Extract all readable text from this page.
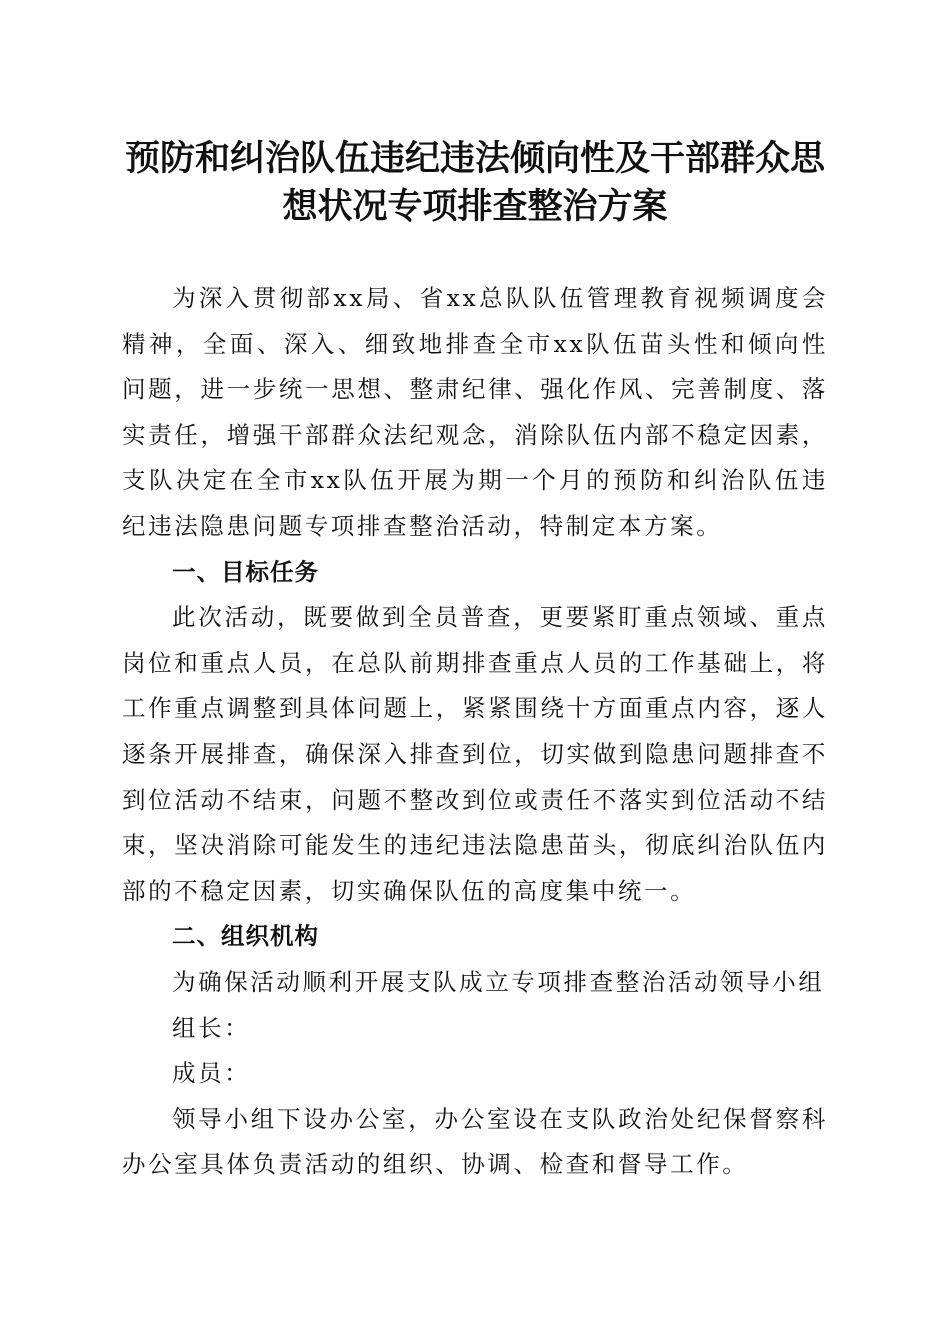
预防和纠治队伍违纪违法倾向性及干部群众思
想状况专项排查整治方案

为深入贯彻部xx局、省xx总队队伍管理教育视频调度会精神，全面、深入、细致地排查全市xx队伍苗头性和倾向性问题，进一步统一思想、整肃纪律、强化作风、完善制度、落实责任，增强干部群众法纪观念，消除队伍内部不稳定因素，支队决定在全市xx队伍开展为期一个月的预防和纠治队伍违纪违法隐患问题专项排查整治活动，特制定本方案。

一、目标任务

此次活动，既要做到全员普查，更要紧盯重点领域、重点岗位和重点人员，在总队前期排查重点人员的工作基础上，将工作重点调整到具体问题上，紧紧围绕十方面重点内容，逐人逐条开展排查，确保深入排查到位，切实做到隐患问题排查不到位活动不结束，问题不整改到位或责任不落实到位活动不结束，坚决消除可能发生的违纪违法隐患苗头，彻底纠治队伍内部的不稳定因素，切实确保队伍的高度集中统一。

二、组织机构

为确保活动顺利开展支队成立专项排查整治活动领导小组

组长：

成员：

领导小组下设办公室，办公室设在支队政治处纪保督察科办公室具体负责活动的组织、协调、检查和督导工作。
